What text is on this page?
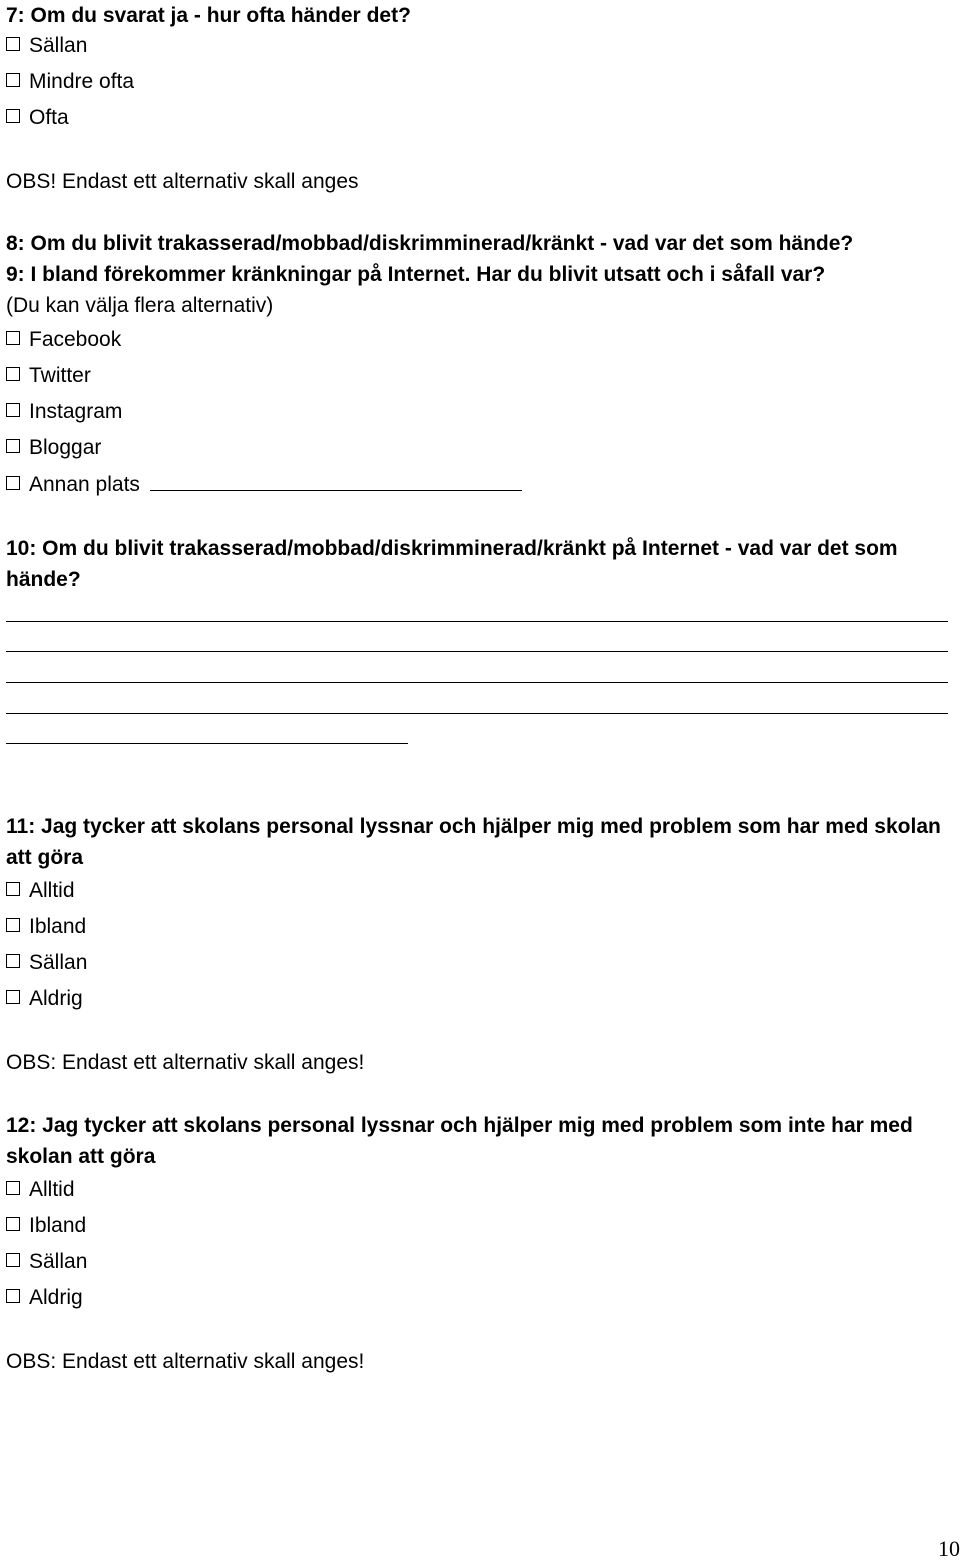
7: Om du svarat ja - hur ofta händer det?
Sällan
Mindre ofta
Ofta
OBS! Endast ett alternativ skall anges
8: Om du blivit trakasserad/mobbad/diskrimminerad/kränkt - vad var det som hände?
9: I bland förekommer kränkningar på Internet. Har du blivit utsatt och i såfall var?
(Du kan välja flera alternativ)
Facebook
Twitter
Instagram
Bloggar
Annan plats
10: Om du blivit trakasserad/mobbad/diskrimminerad/kränkt på Internet - vad var det som hände?
11: Jag tycker att skolans personal lyssnar och hjälper mig med problem som har med skolan att göra
Alltid
Ibland
Sällan
Aldrig
OBS: Endast ett alternativ skall anges!
12: Jag tycker att skolans personal lyssnar och hjälper mig med problem som inte har med skolan att göra
Alltid
Ibland
Sällan
Aldrig
OBS: Endast ett alternativ skall anges!
10
